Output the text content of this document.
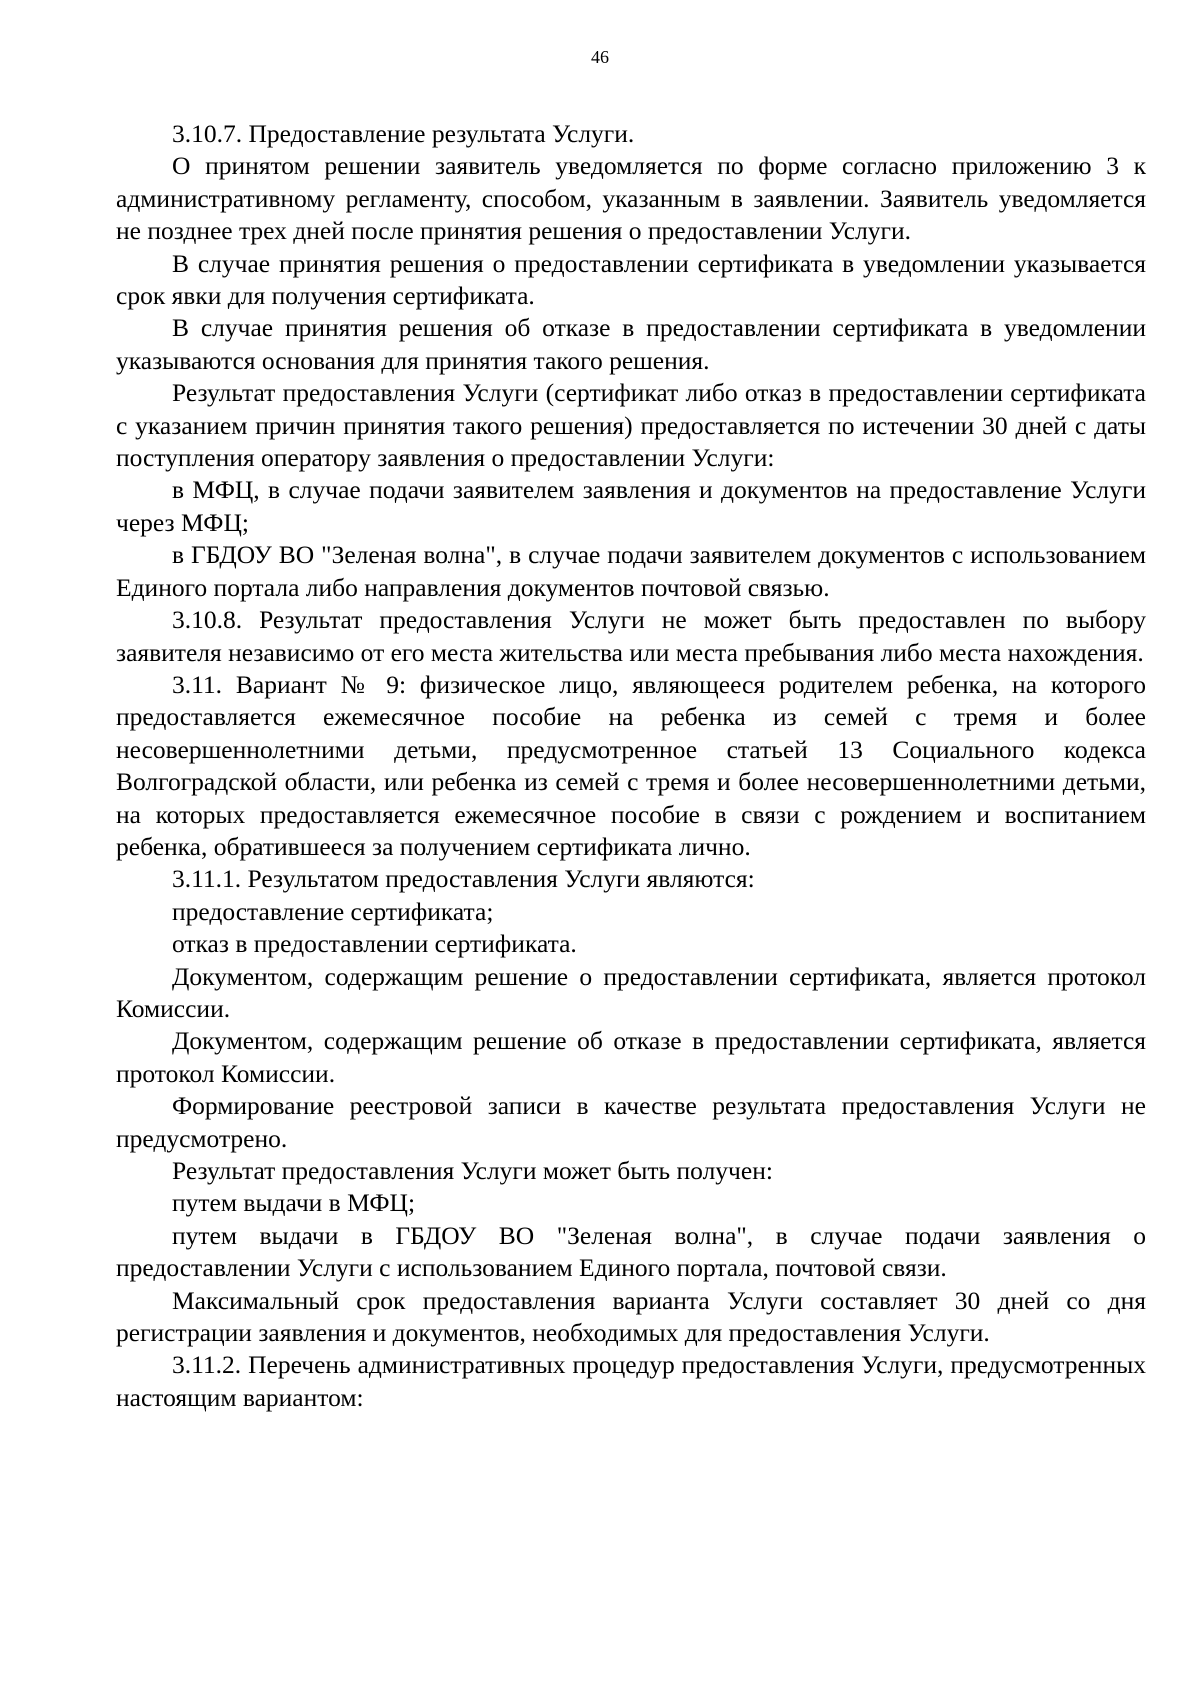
46

3.10.7. Предоставление результата Услуги.

О принятом решении заявитель уведомляется по форме согласно приложению 3 к административному регламенту, способом, указанным в заявлении. Заявитель уведомляется не позднее трех дней после принятия решения о предоставлении Услуги.

В случае принятия решения о предоставлении сертификата в уведомлении указывается срок явки для получения сертификата.

В случае принятия решения об отказе в предоставлении сертификата в уведомлении указываются основания для принятия такого решения.

Результат предоставления Услуги (сертификат либо отказ в предоставлении сертификата с указанием причин принятия такого решения) предоставляется по истечении 30 дней с даты поступления оператору заявления о предоставлении Услуги:

в МФЦ, в случае подачи заявителем заявления и документов на предоставление Услуги через МФЦ;

в ГБДОУ ВО "Зеленая волна", в случае подачи заявителем документов с использованием Единого портала либо направления документов почтовой связью.

3.10.8. Результат предоставления Услуги не может быть предоставлен по выбору заявителя независимо от его места жительства или места пребывания либо места нахождения.

3.11. Вариант № 9: физическое лицо, являющееся родителем ребенка, на которого предоставляется ежемесячное пособие на ребенка из семей с тремя и более несовершеннолетними детьми, предусмотренное статьей 13 Социального кодекса Волгоградской области, или ребенка из семей с тремя и более несовершеннолетними детьми, на которых предоставляется ежемесячное пособие в связи с рождением и воспитанием ребенка, обратившееся за получением сертификата лично.

3.11.1. Результатом предоставления Услуги являются:

предоставление сертификата;

отказ в предоставлении сертификата.

Документом, содержащим решение о предоставлении сертификата, является протокол Комиссии.

Документом, содержащим решение об отказе в предоставлении сертификата, является протокол Комиссии.

Формирование реестровой записи в качестве результата предоставления Услуги не предусмотрено.

Результат предоставления Услуги может быть получен:

путем выдачи в МФЦ;

путем выдачи в ГБДОУ ВО "Зеленая волна", в случае подачи заявления о предоставлении Услуги с использованием Единого портала, почтовой связи.

Максимальный срок предоставления варианта Услуги составляет 30 дней со дня регистрации заявления и документов, необходимых для предоставления Услуги.

3.11.2. Перечень административных процедур предоставления Услуги, предусмотренных настоящим вариантом:
